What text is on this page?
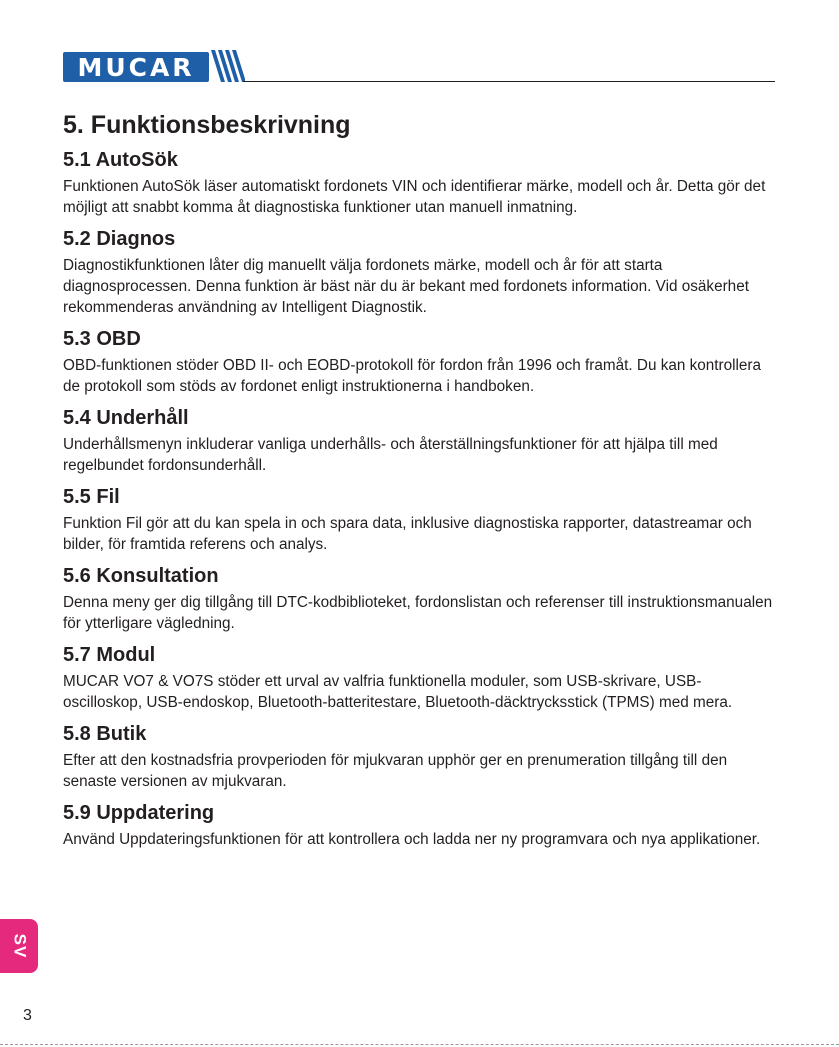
MUCAR
5. Funktionsbeskrivning
5.1 AutoSök

Funktionen AutoSök läser automatiskt fordonets VIN och identifierar märke, modell och år. Detta gör det möjligt att snabbt komma åt diagnostiska funktioner utan manuell inmatning.

5.2 Diagnos

Diagnostikfunktionen låter dig manuellt välja fordonets märke, modell och år för att starta diagnosprocessen. Denna funktion är bäst när du är bekant med fordonets information. Vid osäkerhet rekommenderas användning av Intelligent Diagnostik.

5.3 OBD

OBD-funktionen stöder OBD II- och EOBD-protokoll för fordon från 1996 och framåt. Du kan kontrollera de protokoll som stöds av fordonet enligt instruktionerna i handboken.

5.4 Underhåll

Underhållsmenyn inkluderar vanliga underhålls- och återställningsfunktioner för att hjälpa till med regelbundet fordonsunderhåll.

5.5 Fil

Funktion Fil gör att du kan spela in och spara data, inklusive diagnostiska rapporter, datastreamar och bilder, för framtida referens och analys.

5.6 Konsultation

Denna meny ger dig tillgång till DTC-kodbiblioteket, fordonslistan och referenser till instruktionsmanualen för ytterligare vägledning.

5.7 Modul

MUCAR VO7 & VO7S stöder ett urval av valfria funktionella moduler, som USB-skrivare, USB-oscilloskop, USB-endoskop, Bluetooth-batteritestare, Bluetooth-däcktrycksstick (TPMS) med mera.

5.8 Butik

Efter att den kostnadsfria provperioden för mjukvaran upphör ger en prenumeration tillgång till den senaste versionen av mjukvaran.

5.9 Uppdatering

Använd Uppdateringsfunktionen för att kontrollera och ladda ner ny programvara och nya applikationer.

SV
3
